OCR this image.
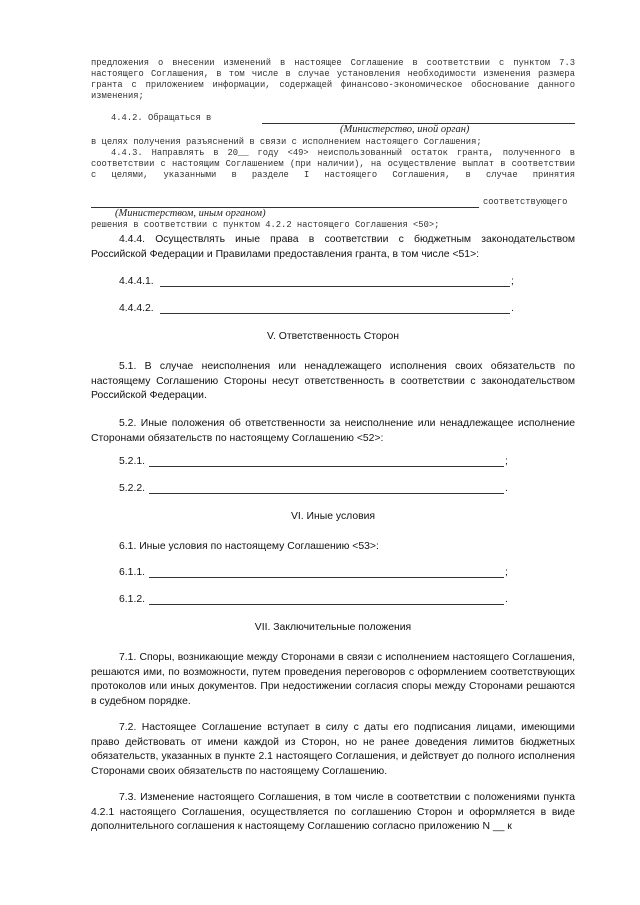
предложения о внесении изменений в настоящее Соглашение в соответствии с пунктом 7.3 настоящего Соглашения, в том числе в случае установления необходимости изменения размера гранта с приложением информации, содержащей финансово-экономическое обоснование данного изменения;
4.4.2. Обращаться в
(Министерство, иной орган)
в целях получения разъяснений в связи с исполнением настоящего Соглашения;
4.4.3. Направлять в 20__ году <49> неиспользованный остаток гранта, полученного в соответствии с настоящим Соглашением (при наличии), на осуществление выплат в соответствии с целями, указанными в разделе I настоящего Соглашения, в случае принятия
соответствующего
(Министерством, иным органом)
решения в соответствии с пунктом 4.2.2 настоящего Соглашения <50>;
4.4.4. Осуществлять иные права в соответствии с бюджетным законодательством Российской Федерации и Правилами предоставления гранта, в том числе <51>:
4.4.4.1.	;
4.4.4.2.	.
V. Ответственность Сторон
5.1. В случае неисполнения или ненадлежащего исполнения своих обязательств по настоящему Соглашению Стороны несут ответственность в соответствии с законодательством Российской Федерации.
5.2. Иные положения об ответственности за неисполнение или ненадлежащее исполнение Сторонами обязательств по настоящему Соглашению <52>:
5.2.1.	;
5.2.2.	.
VI. Иные условия
6.1. Иные условия по настоящему Соглашению <53>:
6.1.1.	;
6.1.2.	.
VII. Заключительные положения
7.1. Споры, возникающие между Сторонами в связи с исполнением настоящего Соглашения, решаются ими, по возможности, путем проведения переговоров с оформлением соответствующих протоколов или иных документов. При недостижении согласия споры между Сторонами решаются в судебном порядке.
7.2. Настоящее Соглашение вступает в силу с даты его подписания лицами, имеющими право действовать от имени каждой из Сторон, но не ранее доведения лимитов бюджетных обязательств, указанных в пункте 2.1 настоящего Соглашения, и действует до полного исполнения Сторонами своих обязательств по настоящему Соглашению.
7.3. Изменение настоящего Соглашения, в том числе в соответствии с положениями пункта 4.2.1 настоящего Соглашения, осуществляется по соглашению Сторон и оформляется в виде дополнительного соглашения к настоящему Соглашению согласно приложению N __ к
